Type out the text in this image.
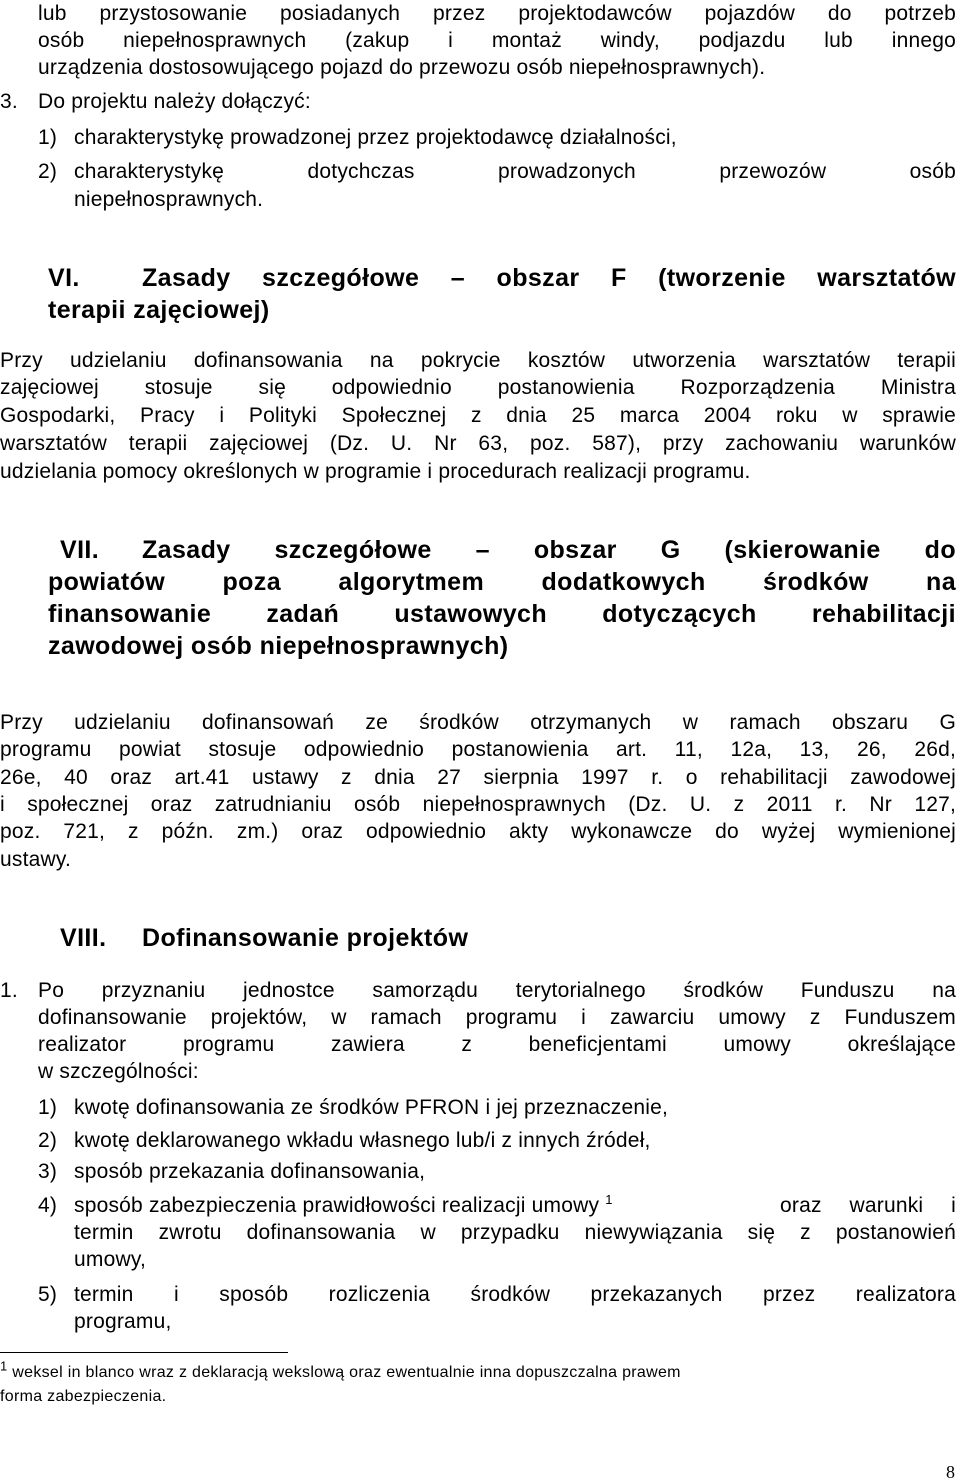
lub przystosowanie posiadanych przez projektodawców pojazdów do potrzeb
osób niepełnosprawnych (zakup i montaż windy, podjazdu lub innego
urządzenia dostosowującego pojazd do przewozu osób niepełnosprawnych).
3. Do projektu należy dołączyć:
1) charakterystykę prowadzonej przez projektodawcę działalności,
2) charakterystykę dotychczas prowadzonych przewozów osób
niepełnosprawnych.
VI. Zasady szczegółowe – obszar F (tworzenie warsztatów
terapii zajęciowej)
Przy udzielaniu dofinansowania na pokrycie kosztów utworzenia warsztatów terapii
zajęciowej stosuje się odpowiednio postanowienia Rozporządzenia Ministra
Gospodarki, Pracy i Polityki Społecznej z dnia 25 marca 2004 roku w sprawie
warsztatów terapii zajęciowej (Dz. U. Nr 63, poz. 587), przy zachowaniu warunków
udzielania pomocy określonych w programie i procedurach realizacji programu.
VII. Zasady szczegółowe – obszar G (skierowanie do
powiatów poza algorytmem dodatkowych środków na
finansowanie zadań ustawowych dotyczących rehabilitacji
zawodowej osób niepełnosprawnych)
Przy udzielaniu dofinansowań ze środków otrzymanych w ramach obszaru G
programu powiat stosuje odpowiednio postanowienia art. 11, 12a, 13, 26, 26d,
26e, 40 oraz art.41 ustawy z dnia 27 sierpnia 1997 r. o rehabilitacji zawodowej
i społecznej oraz zatrudnianiu osób niepełnosprawnych (Dz. U. z 2011 r. Nr 127,
poz. 721, z późn. zm.) oraz odpowiednio akty wykonawcze do wyżej wymienionej
ustawy.
VIII. Dofinansowanie projektów
1. Po przyznaniu jednostce samorządu terytorialnego środków Funduszu na
dofinansowanie projektów, w ramach programu i zawarciu umowy z Funduszem
realizator programu zawiera z beneficjentami umowy określające
w szczególności:
1) kwotę dofinansowania ze środków PFRON i jej przeznaczenie,
2) kwotę deklarowanego wkładu własnego lub/i z innych źródeł,
3) sposób przekazania dofinansowania,
4) sposób zabezpieczenia prawidłowości realizacji umowy $^1$	oraz warunki i
termin zwrotu dofinansowania w przypadku niewywiązania się z postanowień
umowy,
5) termin i sposób rozliczenia środków przekazanych przez realizatora
programu,
$^1$ weksel in blanco wraz z deklaracją wekslową oraz ewentualnie inna dopuszczalna prawem
forma zabezpieczenia.
8
